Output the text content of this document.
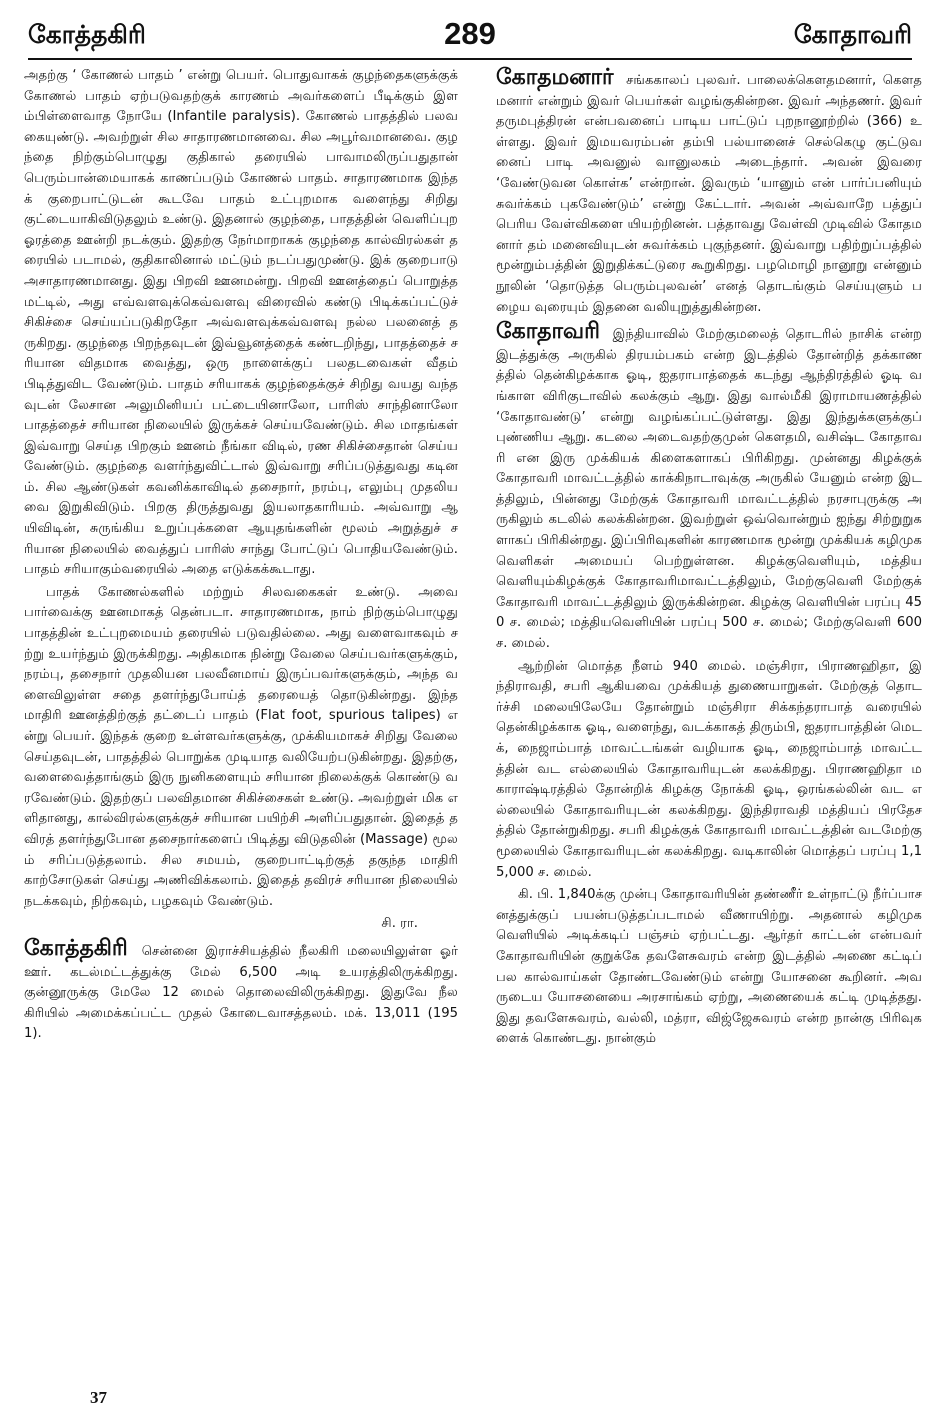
கோத்தகிரி	289	கோதாவரி

அதற்கு ‘ கோணல் பாதம் ’ என்று பெயர். பொதுவாகக் குழந்தைகளுக்குக் கோணல் பாதம் ஏற்படுவதற்குக் காரணம் அவர்களைப் பீடிக்கும் இளம்பிள்ளைவாத நோயே (Infantile paralysis). கோணல் பாதத்தில் பலவகையுண்டு. அவற்றுள் சில சாதாரணமானவை. சில அபூர்வமானவை. குழந்தை நிற்கும்பொழுது குதிகால் தரையில் பாவாமலிருப்பதுதான் பெரும்பான்மையாகக் காணப்படும் கோணல் பாதம். சாதாரணமாக இந்தக் குறைபாட்டுடன் கூடவே பாதம் உட்புறமாக வளைந்து சிறிது குட்டையாகிவிடுதலும் உண்டு. இதனால் குழந்தை, பாதத்தின் வெளிப்புற ஓரத்தை ஊன்றி நடக்கும். இதற்கு நேர்மாறாகக் குழந்தை கால்விரல்கள் தரையில் படாமல், குதிகாலினால் மட்டும் நடப்பதுமுண்டு. இக் குறைபாடு அசாதாரணமானது. இது பிறவி ஊனமன்று. பிறவி ஊனத்தைப் பொறுத்தமட்டில், அது எவ்வளவுக்கெவ்வளவு விரைவில் கண்டு பிடிக்கப்பட்டுச் சிகிச்சை செய்யப்படுகிறதோ அவ்வளவுக்கவ்வளவு நல்ல பலனைத் தருகிறது. குழந்தை பிறந்தவுடன் இவ்வூனத்தைக் கண்டறிந்து, பாதத்தைச் சரியான விதமாக வைத்து, ஒரு நாளைக்குப் பலதடவைகள் வீதம் பிடித்துவிட வேண்டும். பாதம் சரியாகக் குழந்தைக்குச் சிறிது வயது வந்தவுடன் லேசான அலுமினியப் பட்டையினாலோ, பாரிஸ் சாந்தினாலோ பாதத்தைச் சரியான நிலையில் இருக்கச் செய்யவேண்டும். சில மாதங்கள் இவ்வாறு செய்த பிறகும் ஊனம் நீங்கா விடில், ரண சிகிச்சைதான் செய்யவேண்டும். குழந்தை வளர்ந்துவிட்டால் இவ்வாறு சரிப்படுத்துவது கடினம். சில ஆண்டுகள் கவனிக்காவிடில் தசைநார், நரம்பு, எலும்பு முதலியவை இறுகிவிடும். பிறகு திருத்துவது இயலாதகாரியம். அவ்வாறு ஆயிவிடின், சுருங்கிய உறுப்புக்களை ஆயுதங்களின் மூலம் அறுத்துச் சரியான நிலையில் வைத்துப் பாரிஸ் சாந்து போட்டுப் பொதியவேண்டும். பாதம் சரியாகும்வரையில் அதை எடுக்கக்கூடாது.

பாதக் கோணல்களில் மற்றும் சிலவகைகள் உண்டு. அவை பார்வைக்கு ஊனமாகத் தென்படா. சாதாரணமாக, நாம் நிற்கும்பொழுது பாதத்தின் உட்புறமையம் தரையில் படுவதில்லை. அது வளைவாகவும் சற்று உயர்ந்தும் இருக்கிறது. அதிகமாக நின்று வேலை செய்பவர்களுக்கும், நரம்பு, தசைநார் முதலியன பலவீனமாய் இருப்பவர்களுக்கும், அந்த வளைவிலுள்ள சதை தளர்ந்துபோய்த் தரையைத் தொடுகின்றது. இந்த மாதிரி ஊனத்திற்குத் தட்டைப் பாதம் (Flat foot, spurious talipes) என்று பெயர். இந்தக் குறை உள்ளவர்களுக்கு, முக்கியமாகச் சிறிது வேலை செய்தவுடன், பாதத்தில் பொறுக்க முடியாத வலியேற்படுகின்றது. இதற்கு, வளைவைத்தாங்கும் இரு நுனிகளையும் சரியான நிலைக்குக் கொண்டு வரவேண்டும். இதற்குப் பலவிதமான சிகிச்சைகள் உண்டு. அவற்றுள் மிக எளிதானது, கால்விரல்களுக்குச் சரியான பயிற்சி அளிப்பதுதான். இதைத் தவிரத் தளர்ந்துபோன தசைநார்களைப் பிடித்து விடுதலின் (Massage) மூலம் சரிப்படுத்தலாம். சில சமயம், குறைபாட்டிற்குத் தகுந்த மாதிரி காற்சோடுகள் செய்து அணிவிக்கலாம். இதைத் தவிரச் சரியான நிலையில் நடக்கவும், நிற்கவும், பழகவும் வேண்டும்.

சி. ரா.

கோத்தகிரி சென்னை இராச்சியத்தில் நீலகிரி மலையிலுள்ள ஓர் ஊர். கடல்மட்டத்துக்கு மேல் 6,500 அடி உயரத்திலிருக்கிறது. குன்னூருக்கு மேலே 12 மைல் தொலைவிலிருக்கிறது. இதுவே நீலகிரியில் அமைக்கப்பட்ட முதல் கோடைவாசத்தலம். மக். 13,011 (1951).

கோதமனார் சங்ககாலப் புலவர். பாலைக்கௌதமனார், கௌதமனார் என்றும் இவர் பெயர்கள் வழங்குகின்றன. இவர் அந்தணர். இவர் தருமபுத்திரன் என்பவனைப் பாடிய பாட்டுப் புறநானூற்றில் (366) உள்ளது. இவர் இமயவரம்பன் தம்பி பல்யானைச் செல்கெழு குட்டுவனைப் பாடி அவனுல் வானுலகம் அடைந்தார். அவன் இவரை ‘வேண்டுவன கொள்க’ என்றான். இவரும் ‘யானும் என் பார்ப்பனியும் சுவர்க்கம் புகவேண்டும்’ என்று கேட்டார். அவன் அவ்வாறே பத்துப் பெரிய வேள்விகளை யியற்றினன். பத்தாவது வேள்வி முடிவில் கோதமனார் தம் மனைவியுடன் சுவர்க்கம் புகுந்தனர். இவ்வாறு பதிற்றுப்பத்தில் மூன்றும்பத்தின் இறுதிக்கட்டுரை கூறுகிறது. பழமொழி நானூறு என்னும் நூலின் ‘தொடுத்த பெரும்புலவன்’ எனத் தொடங்கும் செய்யுளும் பழைய வுரையும் இதனை வலியுறுத்துகின்றன.

கோதாவரி இந்தியாவில் மேற்குமலைத் தொடரில் நாசிக் என்ற இடத்துக்கு அருகில் திரயம்பகம் என்ற இடத்தில் தோன்றித் தக்காணத்தில் தென்கிழக்காக ஓடி, ஐதராபாத்தைக் கடந்து ஆந்திரத்தில் ஓடி வங்காள விரிகுடாவில் கலக்கும் ஆறு. இது வால்மீகி இராமாயணத்தில் ‘கோதாவண்டு’ என்று வழங்கப்பட்டுள்ளது. இது இந்துக்களுக்குப் புண்ணிய ஆறு. கடலை அடைவதற்குமுன் கௌதமி, வசிஷ்ட கோதாவரி என இரு முக்கியக் கிளைகளாகப் பிரிகிறது. முன்னது கிழக்குக் கோதாவரி மாவட்டத்தில் காக்கிநாடாவுக்கு அருகில் யேனும் என்ற இடத்திலும், பின்னது மேற்குக் கோதாவரி மாவட்டத்தில் நரசாபுருக்கு அருகிலும் கடலில் கலக்கின்றன. இவற்றுள் ஒவ்வொன்றும் ஐந்து சிற்றுறுகளாகப் பிரிகின்றது. இப்பிரிவுகளின் காரணமாக மூன்று முக்கியக் கழிமுகவெளிகள் அமையப் பெற்றுள்ளன. கிழக்குவெளியும், மத்தியவெளியும்கிழக்குக் கோதாவரிமாவட்டத்திலும், மேற்குவெளி மேற்குக் கோதாவரி மாவட்டத்திலும் இருக்கின்றன. கிழக்கு வெளியின் பரப்பு 450 ச. மைல்; மத்தியவெளியின் பரப்பு 500 ச. மைல்; மேற்குவெளி 600 ச. மைல்.

ஆற்றின் மொத்த நீளம் 940 மைல். மஞ்சிரா, பிராணஹிதா, இந்திராவதி, சபரி ஆகியவை முக்கியத் துணையாறுகள். மேற்குத் தொடர்ச்சி மலையிலேயே தோன்றும் மஞ்சிரா சிக்கந்தராபாத் வரையில் தென்கிழக்காக ஓடி, வளைந்து, வடக்காகத் திரும்பி, ஐதராபாத்தின் மெடக், நைஜாம்பாத் மாவட்டங்கள் வழியாக ஓடி, நைஜாம்பாத் மாவட்டத்தின் வட எல்லையில் கோதாவரியுடன் கலக்கிறது. பிராணஹிதா மகாராஷ்டிரத்தில் தோன்றிக் கிழக்கு நோக்கி ஓடி, ஒரங்கல்லின் வட எல்லையில் கோதாவரியுடன் கலக்கிறது. இந்திராவதி மத்தியப் பிரதேசத்தில் தோன்றுகிறது. சபரி கிழக்குக் கோதாவரி மாவட்டத்தின் வடமேற்கு மூலையில் கோதாவரியுடன் கலக்கிறது. வடிகாலின் மொத்தப் பரப்பு 1,15,000 ச. மைல்.

கி. பி. 1,840க்கு முன்பு கோதாவரியின் தண்ணீர் உள்நாட்டு நீர்ப்பாசனத்துக்குப் பயன்படுத்தப்படாமல் வீணாயிற்று. அதனால் கழிமுகவெளியில் அடிக்கடிப் பஞ்சம் ஏற்பட்டது. ஆர்தர் காட்டன் என்பவர் கோதாவரியின் குறுக்கே தவளேசுவரம் என்ற இடத்தில் அணை கட்டிப் பல கால்வாய்கள் தோண்டவேண்டும் என்று யோசனை கூறினர். அவருடைய யோசனையை அரசாங்கம் ஏற்று, அணையைக் கட்டி முடித்தது. இது தவளேசுவரம், வல்லி, மத்ரா, விஜ்ஜேசுவரம் என்ற நான்கு பிரிவுகளைக் கொண்டது. நான்கும்

37
